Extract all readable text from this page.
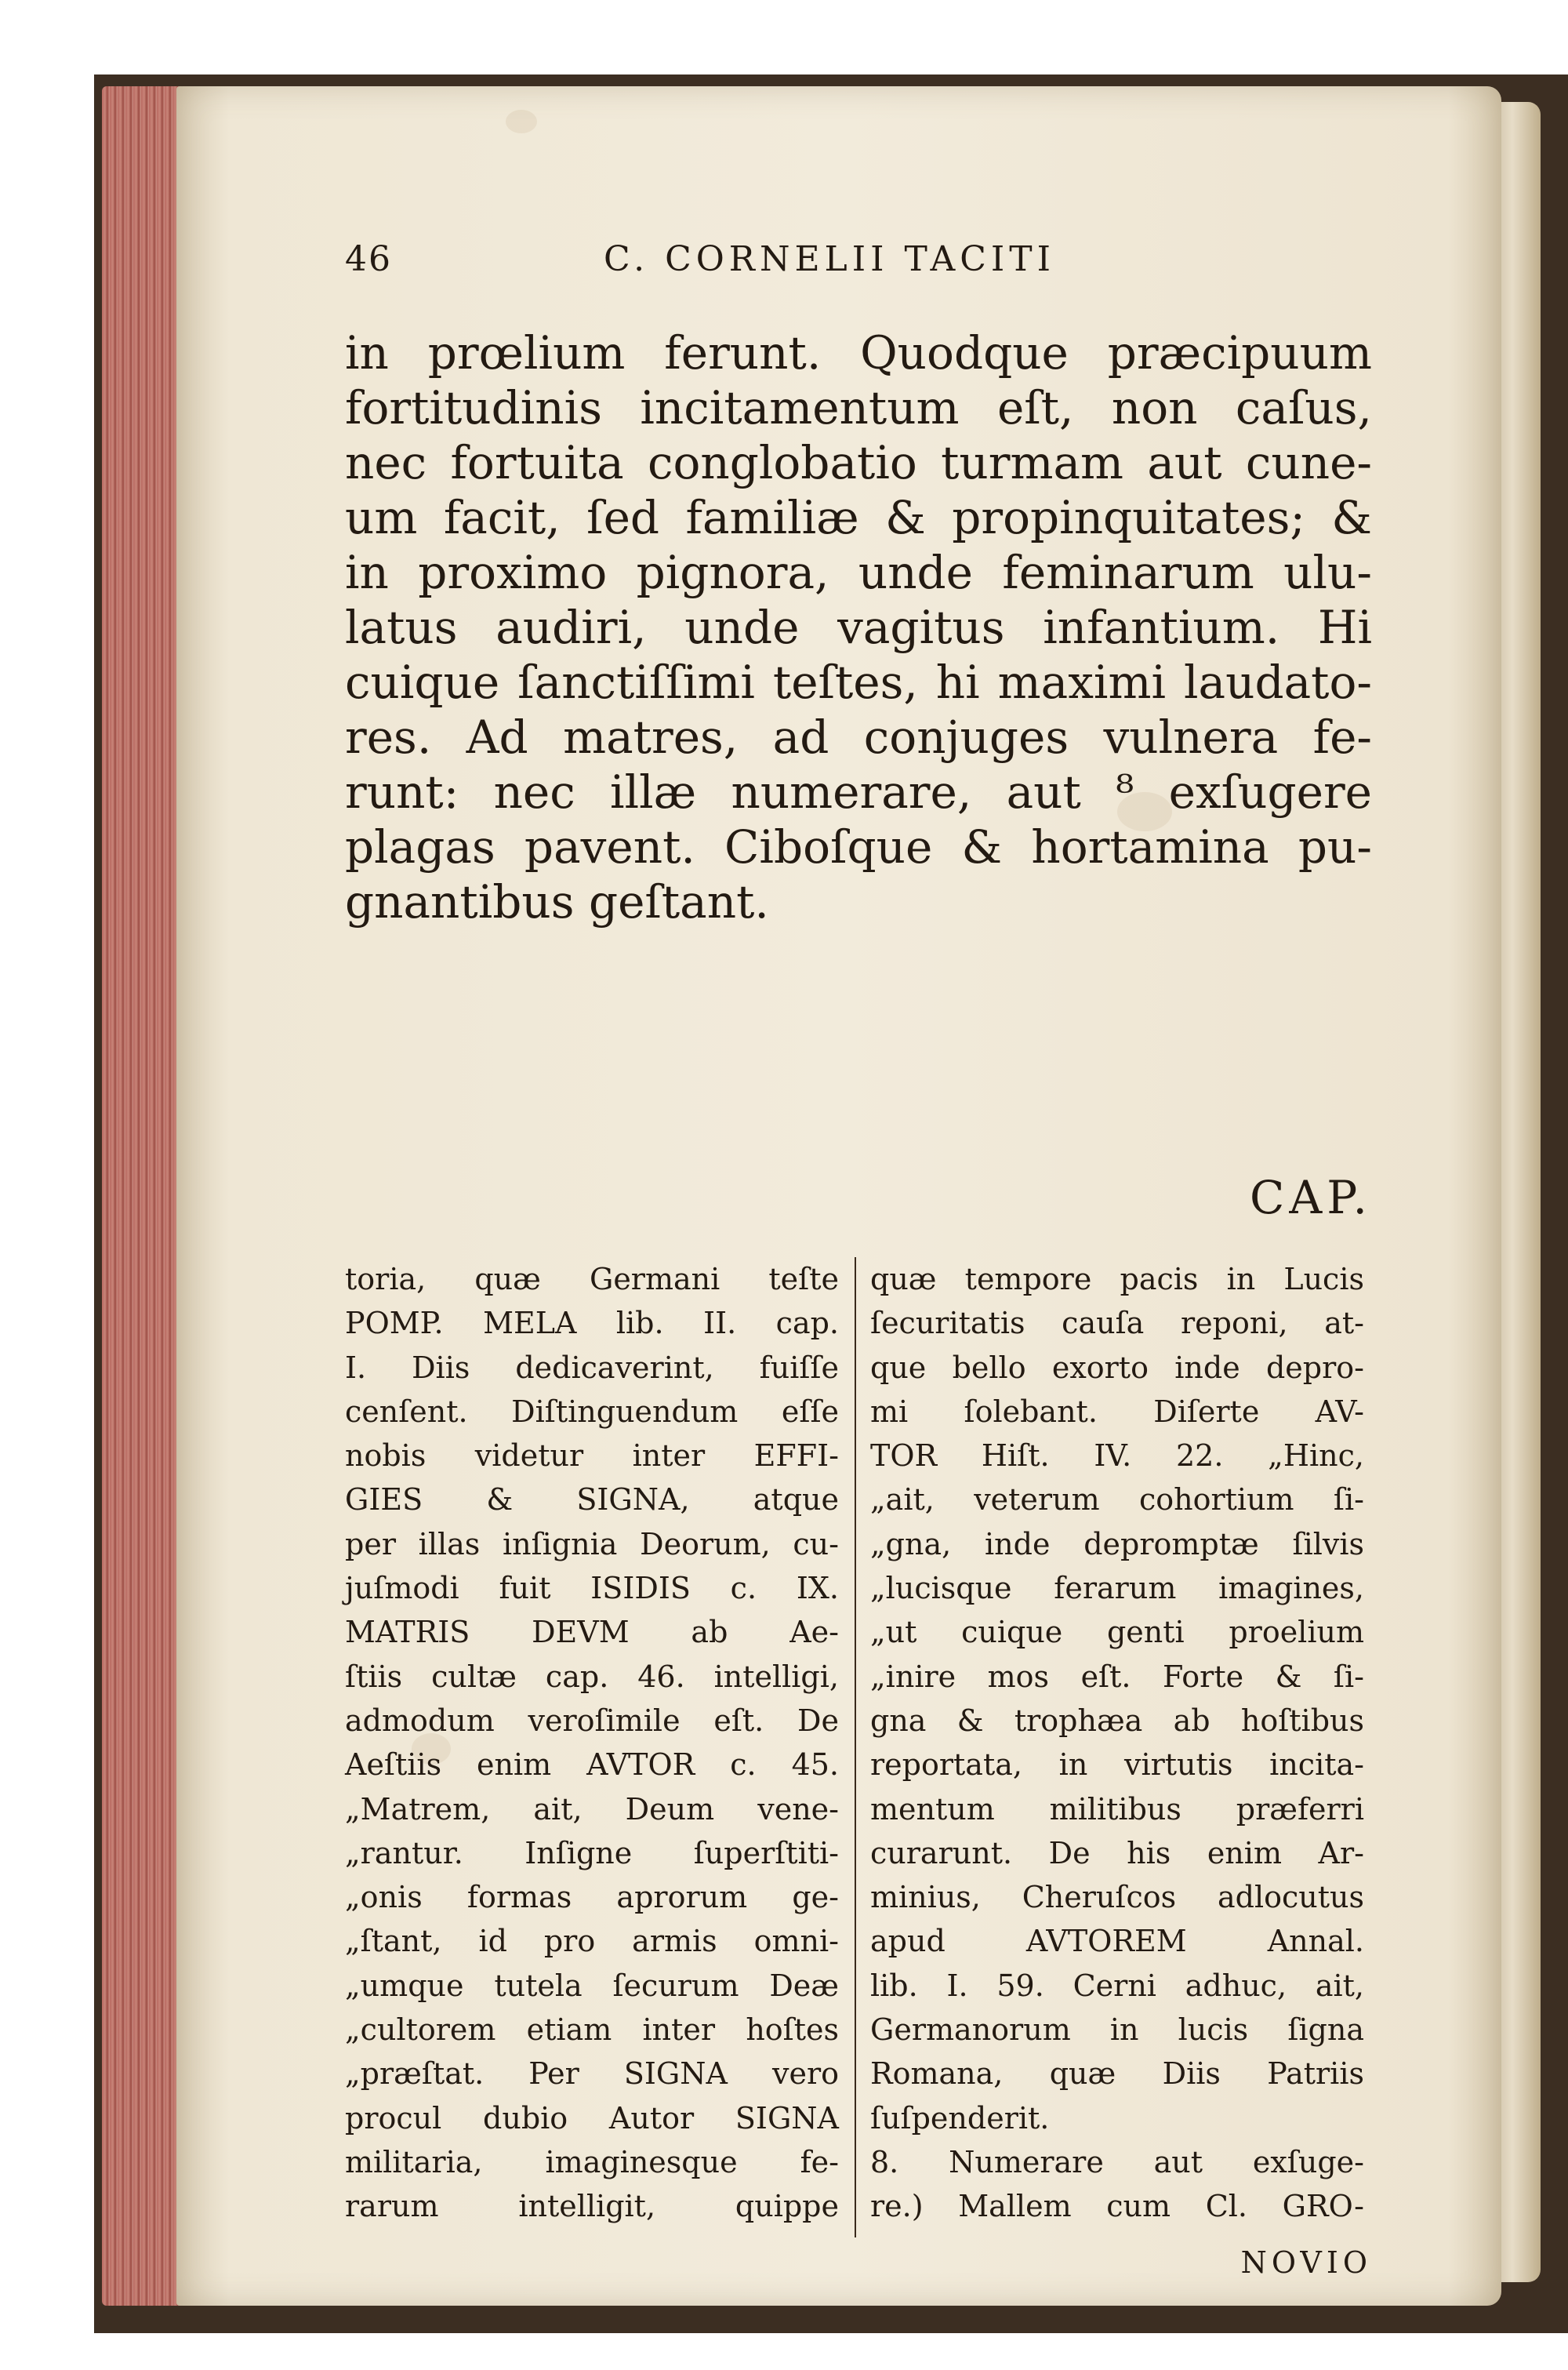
46	C. CORNELII TACITI
in prœlium ferunt. Quodque præcipuum
fortitudinis incitamentum eſt, non caſus,
nec fortuita conglobatio turmam aut cune-
um facit, ſed familiæ & propinquitates; &
in proximo pignora, unde feminarum ulu-
latus audiri, unde vagitus infantium. Hi
cuique ſanctiſſimi teſtes, hi maximi laudato-
res. Ad matres, ad conjuges vulnera fe-
runt: nec illæ numerare, aut ⁸ exſugere
plagas pavent. Ciboſque & hortamina pu-
gnantibus geſtant.
CAP.
toria, quæ Germani teſte
POMP. MELA lib. II. cap.
I. Diis dedicaverint, fuiſſe
cenſent. Diſtinguendum eſſe
nobis videtur inter EFFI-
GIES & SIGNA, atque
per illas inſignia Deorum, cu-
juſmodi fuit ISIDIS c. IX.
MATRIS DEVM ab Ae-
ſtiis cultæ cap. 46. intelligi,
admodum veroſimile eſt. De
Aeſtiis enim AVTOR c. 45.
„Matrem, ait, Deum vene-
„rantur. Inſigne ſuperſtiti-
„onis formas aprorum ge-
„ſtant, id pro armis omni-
„umque tutela ſecurum Deæ
„cultorem etiam inter hoſtes
„præſtat. Per SIGNA vero
procul dubio Autor SIGNA
militaria, imaginesque fe-
rarum intelligit, quippe
quæ tempore pacis in Lucis
ſecuritatis cauſa reponi, at-
que bello exorto inde depro-
mi ſolebant. Diſerte AV-
TOR Hiſt. IV. 22. „Hinc,
„ait, veterum cohortium ſi-
„gna, inde depromptæ ſilvis
„lucisque ferarum imagines,
„ut cuique genti proelium
„inire mos eſt. Forte & ſi-
gna & trophæa ab hoſtibus
reportata, in virtutis incita-
mentum militibus præferri
curarunt. De his enim Ar-
minius, Cheruſcos adlocutus
apud AVTOREM Annal.
lib. I. 59. Cerni adhuc, ait,
Germanorum in lucis ſigna
Romana, quæ Diis Patriis
ſuſpenderit.
8. Numerare aut exſuge-
re.) Mallem cum Cl. GRO-
NOVIO
